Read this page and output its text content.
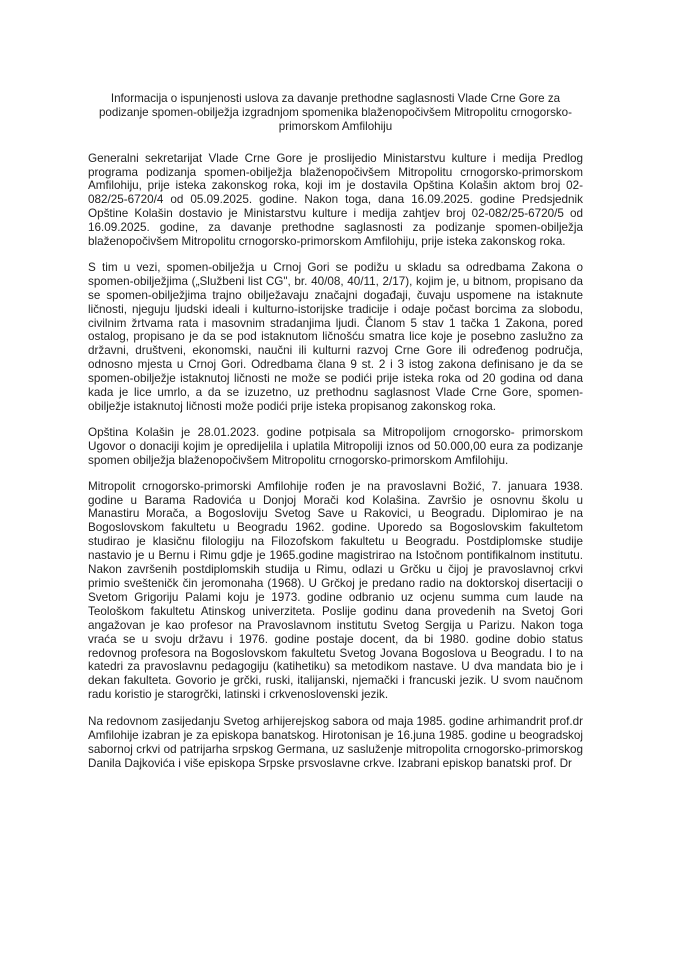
Informacija o ispunjenosti uslova za davanje prethodne saglasnosti Vlade Crne Gore za podizanje spomen-obilježja izgradnjom spomenika blaženopočivšem Mitropolitu crnogorsko-primorskom Amfilohiju

Generalni sekretarijat Vlade Crne Gore je proslijedio Ministarstvu kulture i medija Predlog programa podizanja spomen-obilježja blaženopočivšem Mitropolitu crnogorsko-primorskom Amfilohiju, prije isteka zakonskog roka, koji im je dostavila Opština Kolašin aktom broj 02-082/25-6720/4 od 05.09.2025. godine. Nakon toga, dana 16.09.2025. godine Predsjednik Opštine Kolašin dostavio je Ministarstvu kulture i medija zahtjev broj 02-082/25-6720/5 od 16.09.2025. godine, za davanje prethodne saglasnosti za podizanje spomen-obilježja blaženopočivšem Mitropolitu crnogorsko-primorskom Amfilohiju, prije isteka zakonskog roka.

S tim u vezi, spomen-obilježja u Crnoj Gori se podižu u skladu sa odredbama Zakona o spomen-obilježjima („Službeni list CG", br. 40/08, 40/11, 2/17), kojim je, u bitnom, propisano da se spomen-obilježjima trajno obilježavaju značajni događaji, čuvaju uspomene na istaknute ličnosti, njeguju ljudski ideali i kulturno-istorijske tradicije i odaje počast borcima za slobodu, civilnim žrtvama rata i masovnim stradanjima ljudi. Članom 5 stav 1 tačka 1 Zakona, pored ostalog, propisano je da se pod istaknutom ličnošću smatra lice koje je posebno zaslužno za državni, društveni, ekonomski, naučni ili kulturni razvoj Crne Gore ili određenog područja, odnosno mjesta u Crnoj Gori. Odredbama člana 9 st. 2 i 3 istog zakona definisano je da se spomen-obilježje istaknutoj ličnosti ne može se podići prije isteka roka od 20 godina od dana kada je lice umrlo, a da se izuzetno, uz prethodnu saglasnost Vlade Crne Gore, spomen-obilježje istaknutoj ličnosti može podići prije isteka propisanog zakonskog roka.

Opština Kolašin je 28.01.2023. godine potpisala sa Mitropolijom crnogorsko- primorskom Ugovor o donaciji kojim je opredijelila i uplatila Mitropoliji iznos od 50.000,00 eura za podizanje spomen obilježja blaženopočivšem Mitropolitu crnogorsko-primorskom Amfilohiju.

Mitropolit crnogorsko-primorski Amfilohije rođen je na pravoslavni Božić, 7. januara 1938. godine u Barama Radovića u Donjoj Morači kod Kolašina. Završio je osnovnu školu u Manastiru Morača, a Bogosloviju Svetog Save u Rakovici, u Beogradu. Diplomirao je na Bogoslovskom fakultetu u Beogradu 1962. godine. Uporedo sa Bogoslovskim fakultetom studirao je klasičnu filologiju na Filozofskom fakultetu u Beogradu. Postdiplomske studije nastavio je u Bernu i Rimu gdje je 1965.godine magistrirao na Istočnom pontifikalnom institutu. Nakon završenih postdiplomskih studija u Rimu, odlazi u Grčku u čijoj je pravoslavnoj crkvi primio svešteničk čin jeromonaha (1968). U Grčkoj je predano radio na doktorskoj disertaciji o Svetom Grigoriju Palami koju je 1973. godine odbranio uz ocjenu summa cum laude na Teološkom fakultetu Atinskog univerziteta. Poslije godinu dana provedenih na Svetoj Gori angažovan je kao profesor na Pravoslavnom institutu Svetog Sergija u Parizu. Nakon toga vraća se u svoju državu i 1976. godine postaje docent, da bi 1980. godine dobio status redovnog profesora na Bogoslovskom fakultetu Svetog Jovana Bogoslova u Beogradu. I to na katedri za pravoslavnu pedagogiju (katihetiku) sa metodikom nastave. U dva mandata bio je i dekan fakulteta. Govorio je grčki, ruski, italijanski, njemački i francuski jezik. U svom naučnom radu koristio je starogrčki, latinski i crkvenoslovenski jezik.

Na redovnom zasijedanju Svetog arhijerejskog sabora od maja 1985. godine arhimandrit prof.dr Amfilohije izabran je za episkopa banatskog. Hirotonisan je 16.juna 1985. godine u beogradskoj sabornoj crkvi od patrijarha srpskog Germana, uz sasluženje mitropolita crnogorsko-primorskog Danila Dajkovića i više episkopa Srpske prsvoslavne crkve. Izabrani episkop banatski prof. Dr
